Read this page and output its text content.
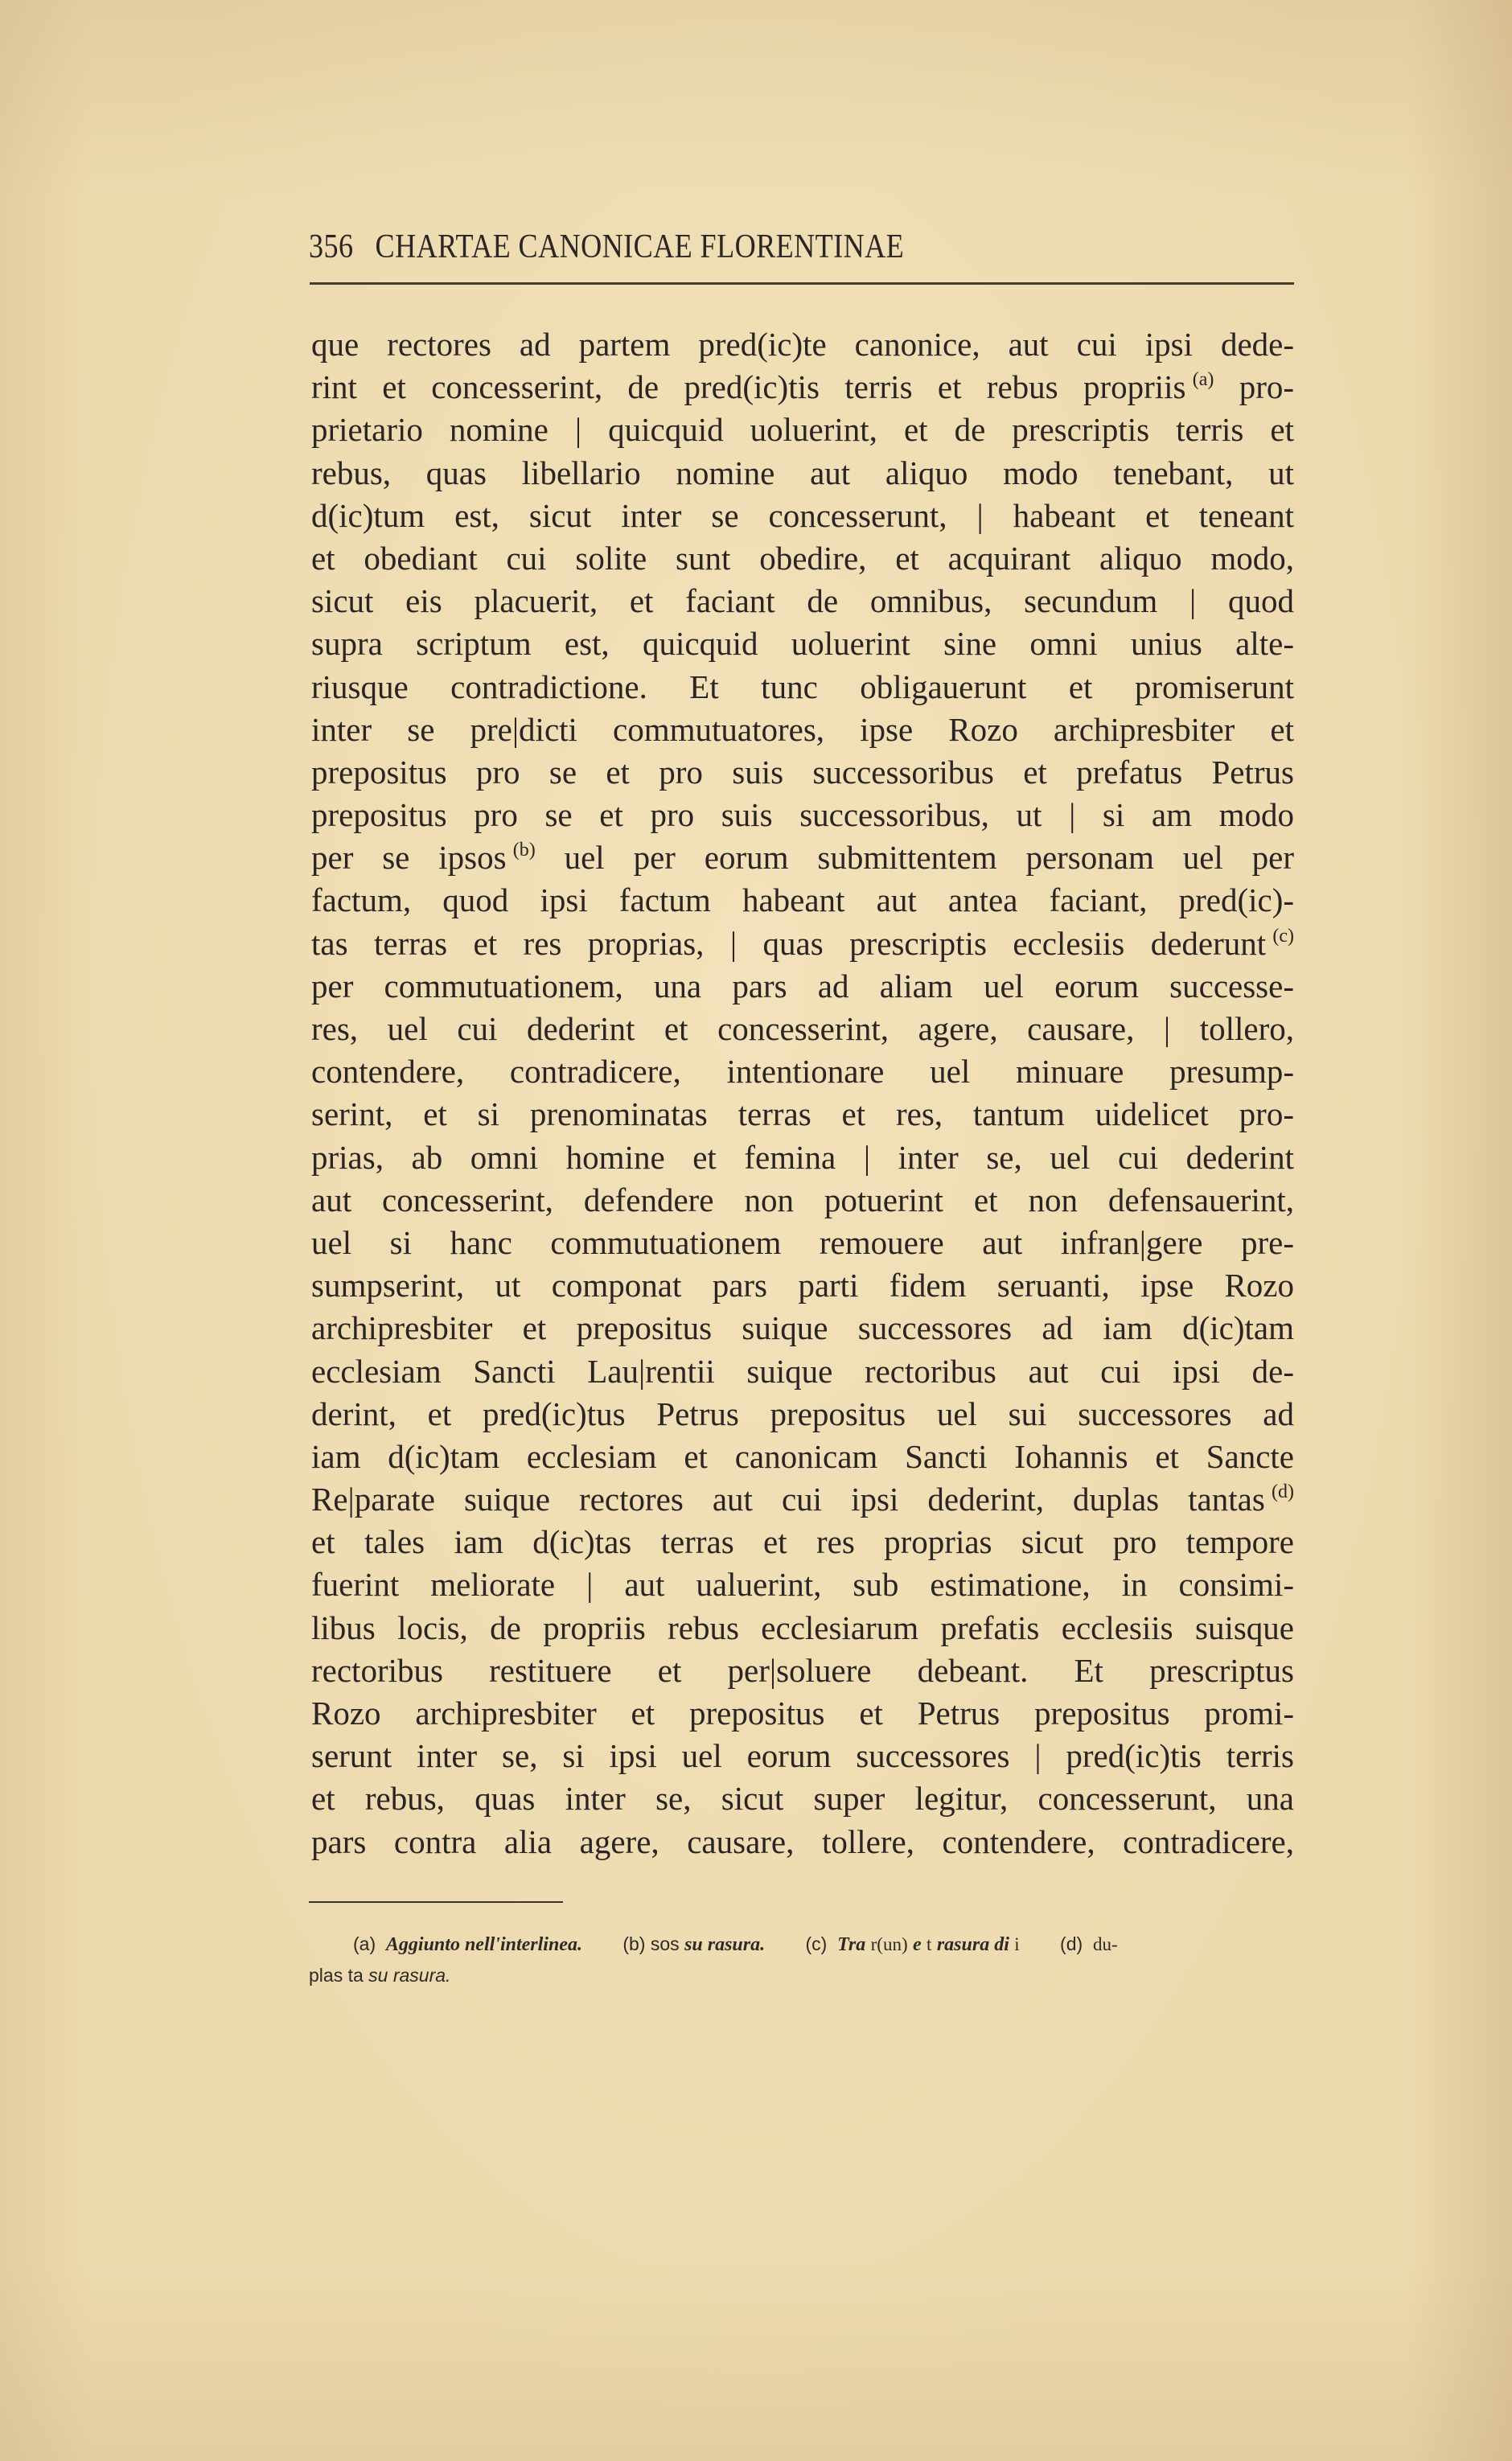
356 CHARTAE CANONICAE FLORENTINAE
que rectores ad partem pred(ic)te canonice, aut cui ipsi dede-
rint et concesserint, de pred(ic)tis terris et rebus propriis  $^{(a)}$ pro-
prietario nomine | quicquid uoluerint, et de prescriptis terris et
rebus, quas libellario nomine aut aliquo modo tenebant, ut
d(ic)tum est, sicut inter se concesserunt, | habeant et teneant
et obediant cui solite sunt obedire, et acquirant aliquo modo,
sicut eis placuerit, et faciant de omnibus, secundum | quod
supra scriptum est, quicquid uoluerint sine omni unius alte-
riusque contradictione. Et tunc obligauerunt et promiserunt
inter se pre|dicti commutuatores, ipse Rozo archipresbiter et
prepositus pro se et pro suis successoribus et prefatus Petrus
prepositus pro se et pro suis successoribus, ut | si am modo
per se ipsos  $^{(b)}$ uel per eorum submittentem personam uel per
factum, quod ipsi factum habeant aut antea faciant, pred(ic)-
tas terras et res proprias, | quas prescriptis ecclesiis dederunt  $^{(c)}$
per commutuationem, una pars ad aliam uel eorum successe-
res, uel cui dederint et concesserint, agere, causare, | tollero,
contendere, contradicere, intentionare uel minuare presump-
serint, et si prenominatas terras et res, tantum uidelicet pro-
prias, ab omni homine et femina | inter se, uel cui dederint
aut concesserint, defendere non potuerint et non defensauerint,
uel si hanc commutuationem remouere aut infran|gere pre-
sumpserint, ut componat pars parti fidem seruanti, ipse Rozo
archipresbiter et prepositus suique successores ad iam d(ic)tam
ecclesiam Sancti Lau|rentii suique rectoribus aut cui ipsi de-
derint, et pred(ic)tus Petrus prepositus uel sui successores ad
iam d(ic)tam ecclesiam et canonicam Sancti Iohannis et Sancte
Re|parate suique rectores aut cui ipsi dederint, duplas tantas  $^{(d)}$
et tales iam d(ic)tas terras et res proprias sicut pro tempore
fuerint meliorate | aut ualuerint, sub estimatione, in consimi-
libus locis, de propriis rebus ecclesiarum prefatis ecclesiis suisque
rectoribus restituere et per|soluere debeant. Et prescriptus
Rozo archipresbiter et prepositus et Petrus prepositus promi-
serunt inter se, si ipsi uel eorum successores | pred(ic)tis terris
et rebus, quas inter se, sicut super legitur, concesserunt, una
pars contra alia agere, causare, tollere, contendere, contradicere,
(a) Aggiunto nell'interlinea. (b) sos su rasura. (c) Tra r(un) e t rasura di i (d) du-
plas ta su rasura.
